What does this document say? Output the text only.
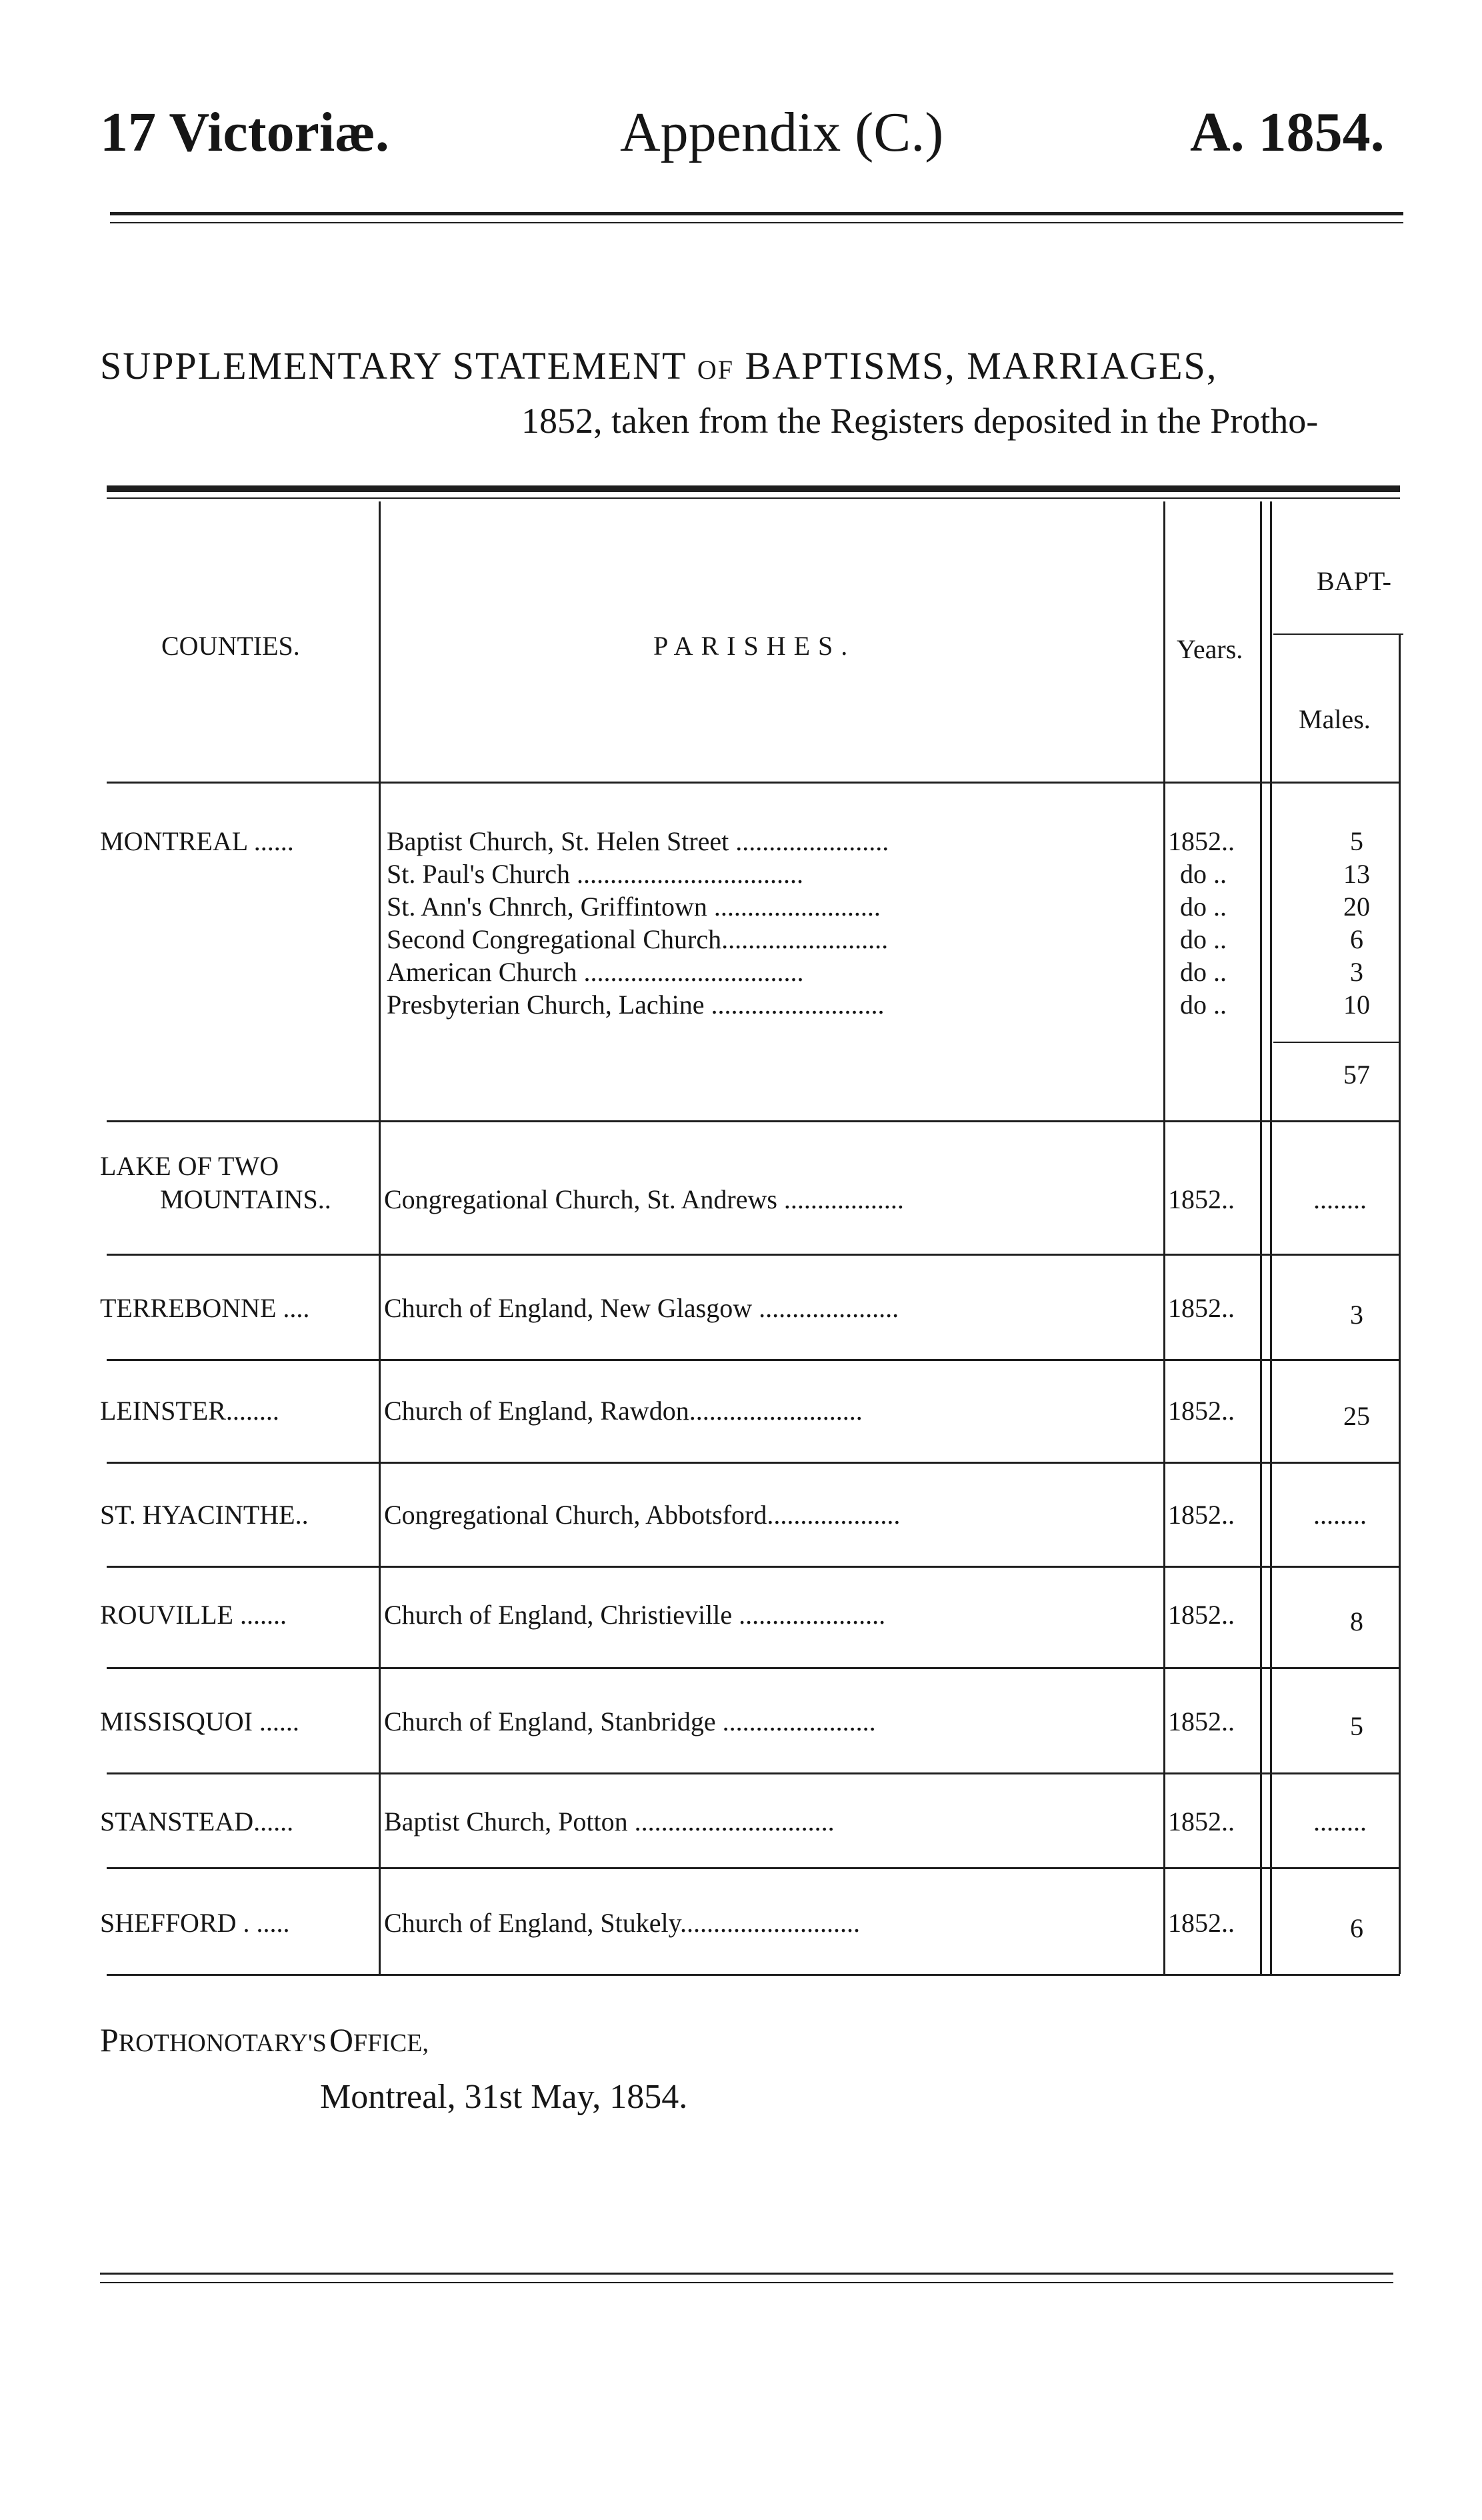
17 Victoriæ.	Appendix (C.)	A. 1854.
SUPPLEMENTARY STATEMENT OF BAPTISMS, MARRIAGES,
1852, taken from the Registers deposited in the Protho-
COUNTIES.	PARISHES.	Years.
BAPT-
Males.
MONTREAL ......	Baptist Church, St. Helen Street .......................	1852..	5
St. Paul's Church ..................................	do ..	13
St. Ann's Chnrch, Griffintown .........................	do ..	20
Second Congregational Church.........................	do ..	6
American Church .................................	do ..	3
Presbyterian Church, Lachine ..........................	do ..	10
57
LAKE OF TWO
MOUNTAINS.. Congregational Church, St. Andrews ..................	1852..	........
TERREBONNE ....	Church of England, New Glasgow .....................	1852..	3
LEINSTER........	Church of England, Rawdon..........................	1852..	25
ST. HYACINTHE..	Congregational Church, Abbotsford....................	1852..	........
ROUVILLE .......	Church of England, Christieville ......................	1852..	8
MISSISQUOI ......	Church of England, Stanbridge .......................	1852..	5
STANSTEAD......	Baptist Church, Potton ..............................	1852..	........
SHEFFORD . .....	Church of England, Stukely...........................	1852..	6
PROTHONOTARY'S OFFICE,
Montreal, 31st May, 1854.
